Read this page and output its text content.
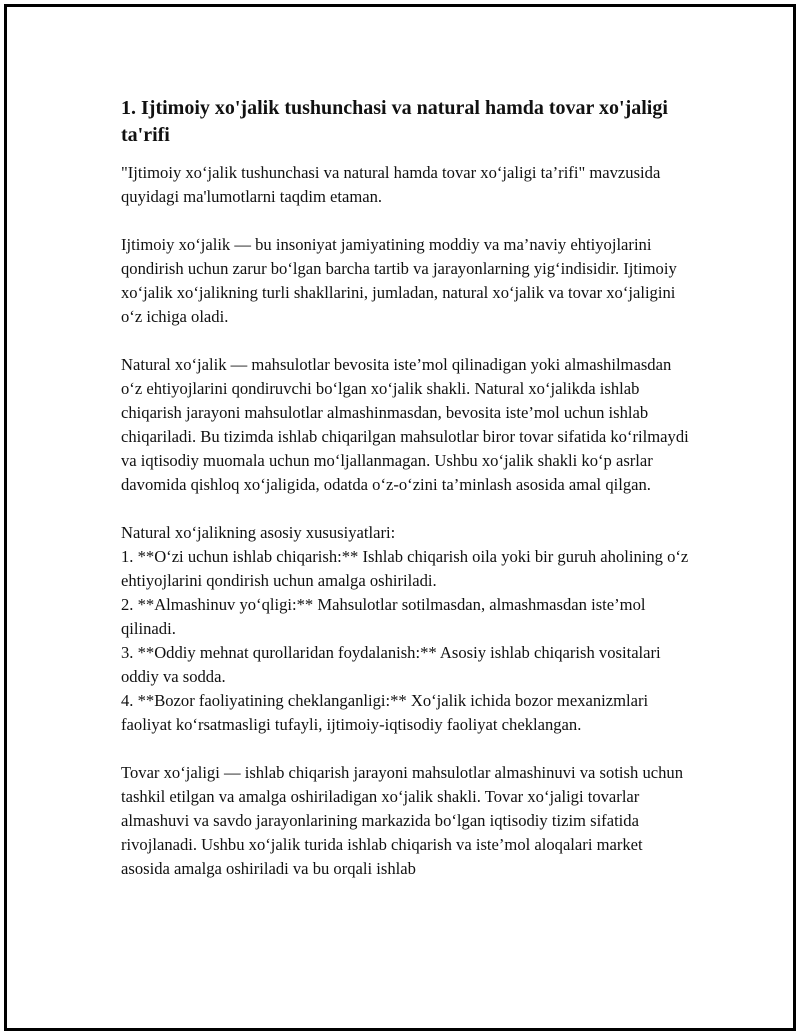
1. Ijtimoiy xo'jalik tushunchasi va natural hamda tovar xo'jaligi ta'rifi

"Ijtimoiy xo‘jalik tushunchasi va natural hamda tovar xo‘jaligi ta’rifi" mavzusida quyidagi ma'lumotlarni taqdim etaman.

Ijtimoiy xo‘jalik — bu insoniyat jamiyatining moddiy va ma’naviy ehtiyojlarini qondirish uchun zarur bo‘lgan barcha tartib va jarayonlarning yig‘indisidir. Ijtimoiy xo‘jalik xo‘jalikning turli shakllarini, jumladan, natural xo‘jalik va tovar xo‘jaligini o‘z ichiga oladi.

Natural xo‘jalik — mahsulotlar bevosita iste’mol qilinadigan yoki almashilmasdan o‘z ehtiyojlarini qondiruvchi bo‘lgan xo‘jalik shakli. Natural xo‘jalikda ishlab chiqarish jarayoni mahsulotlar almashinmasdan, bevosita iste’mol uchun ishlab chiqariladi. Bu tizimda ishlab chiqarilgan mahsulotlar biror tovar sifatida ko‘rilmaydi va iqtisodiy muomala uchun mo‘ljallanmagan. Ushbu xo‘jalik shakli ko‘p asrlar davomida qishloq xo‘jaligida, odatda o‘z-o‘zini ta’minlash asosida amal qilgan.

Natural xo‘jalikning asosiy xususiyatlari:
1. **O‘zi uchun ishlab chiqarish:** Ishlab chiqarish oila yoki bir guruh aholining o‘z ehtiyojlarini qondirish uchun amalga oshiriladi.
2. **Almashinuv yo‘qligi:** Mahsulotlar sotilmasdan, almashmasdan iste’mol qilinadi.
3. **Oddiy mehnat qurollaridan foydalanish:** Asosiy ishlab chiqarish vositalari oddiy va sodda.
4. **Bozor faoliyatining cheklanganligi:** Xo‘jalik ichida bozor mexanizmlari faoliyat ko‘rsatmasligi tufayli, ijtimoiy-iqtisodiy faoliyat cheklangan.

Tovar xo‘jaligi — ishlab chiqarish jarayoni mahsulotlar almashinuvi va sotish uchun tashkil etilgan va amalga oshiriladigan xo‘jalik shakli. Tovar xo‘jaligi tovarlar almashuvi va savdo jarayonlarining markazida bo‘lgan iqtisodiy tizim sifatida rivojlanadi. Ushbu xo‘jalik turida ishlab chiqarish va iste’mol aloqalari market asosida amalga oshiriladi va bu orqali ishlab
